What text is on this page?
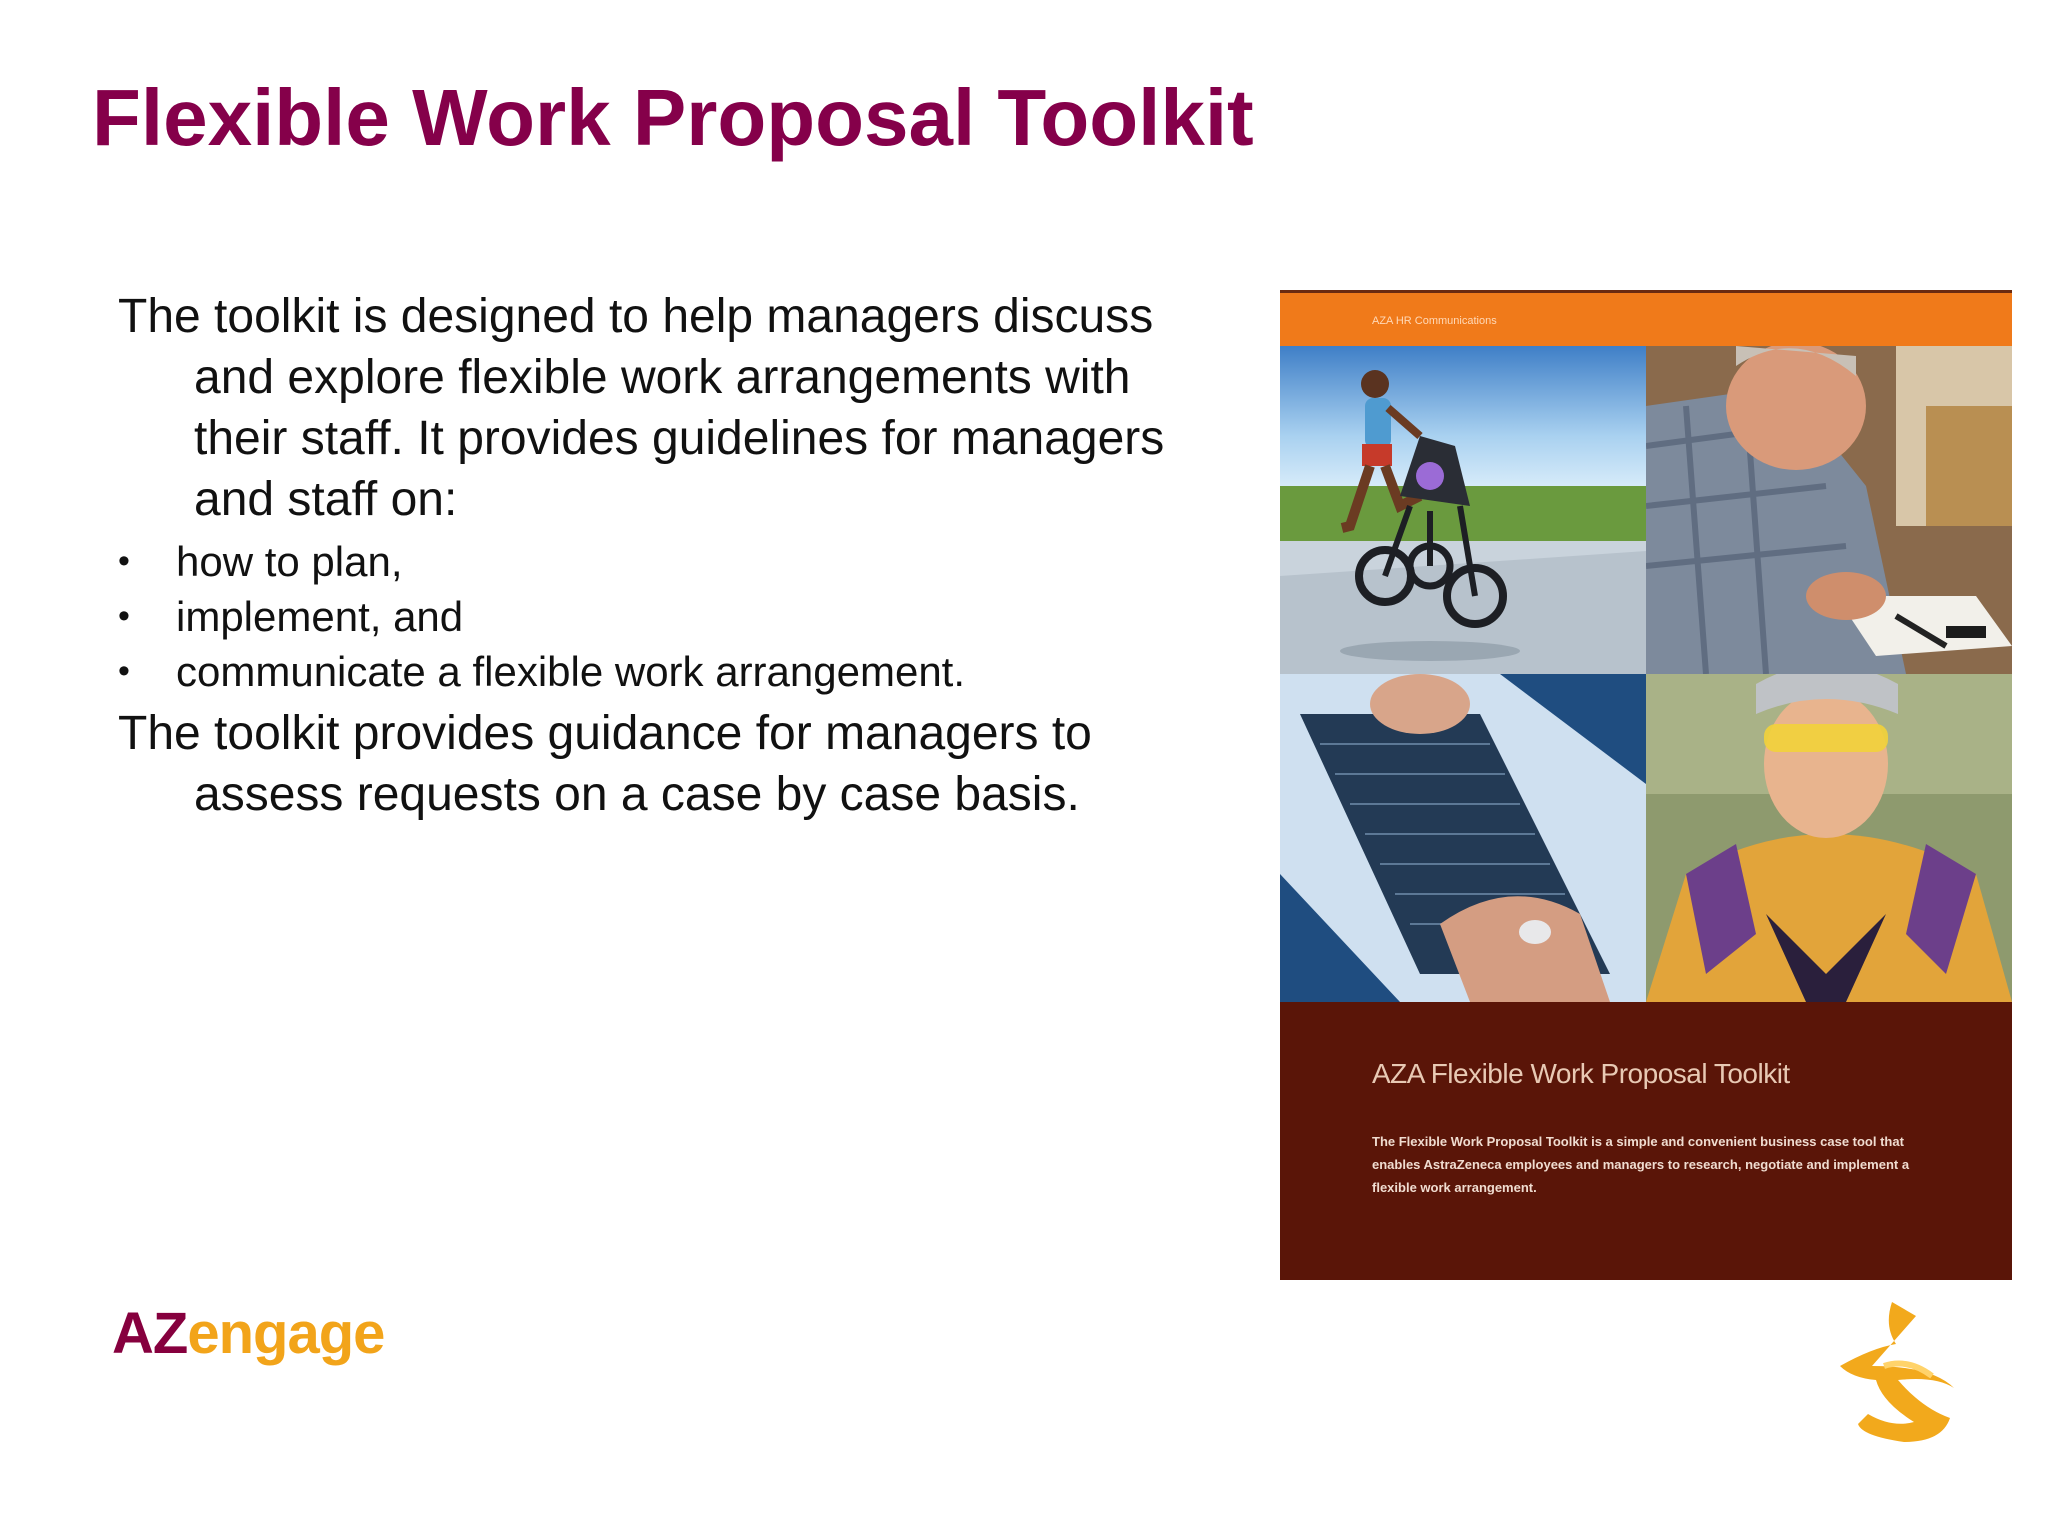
Flexible Work Proposal Toolkit

The toolkit is designed to help managers discuss and explore flexible work arrangements with their staff. It provides guidelines for managers and staff on:

• how to plan,
• implement, and
• communicate a flexible work arrangement.

The toolkit provides guidance for managers to assess requests on a case by case basis.

AZA HR Communications
AZA Flexible Work Proposal Toolkit
The Flexible Work Proposal Toolkit is a simple and convenient business case tool that enables AstraZeneca employees and managers to research, negotiate and implement a flexible work arrangement.
AZengage
